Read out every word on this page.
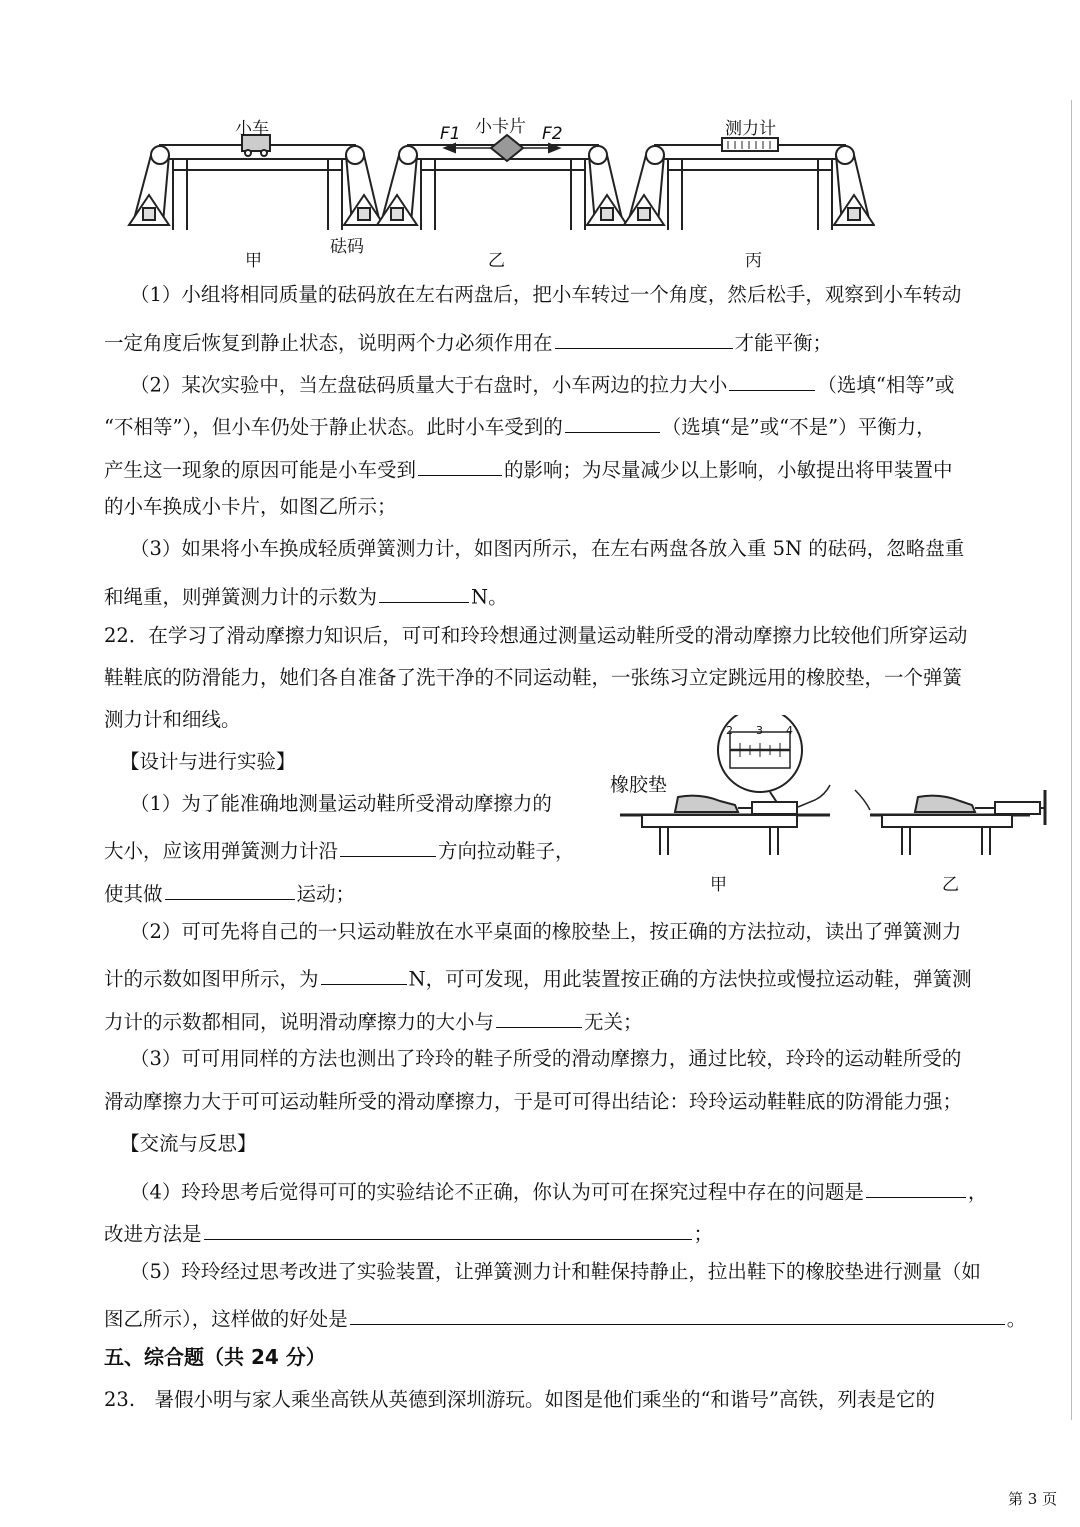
小车	F1 小卡片 F2	测力计
砝码
甲	乙	丙
（1）小组将相同质量的砝码放在左右两盘后，把小车转过一个角度，然后松手，观察到小车转动
一定角度后恢复到静止状态，说明两个力必须作用在	才能平衡；
（2）某次实验中，当左盘砝码质量大于右盘时，小车两边的拉力大小	（选填“相等”或
“不相等”），但小车仍处于静止状态。此时小车受到的	（选填“是”或“不是”）平衡力，
产生这一现象的原因可能是小车受到	的影响；为尽量减少以上影响，小敏提出将甲装置中
的小车换成小卡片，如图乙所示；
（3）如果将小车换成轻质弹簧测力计，如图丙所示，在左右两盘各放入重 5N 的砝码，忽略盘重
和绳重，则弹簧测力计的示数为	N。
22．在学习了滑动摩擦力知识后，可可和玲玲想通过测量运动鞋所受的滑动摩擦力比较他们所穿运动
鞋鞋底的防滑能力，她们各自准备了洗干净的不同运动鞋，一张练习立定跳远用的橡胶垫，一个弹簧
测力计和细线。
【设计与进行实验】
（1）为了能准确地测量运动鞋所受滑动摩擦力的
大小，应该用弹簧测力计沿	方向拉动鞋子，
使其做	运动；
2 3 4
橡胶垫
甲	乙
（2）可可先将自己的一只运动鞋放在水平桌面的橡胶垫上，按正确的方法拉动，读出了弹簧测力
计的示数如图甲所示，为	N，可可发现，用此装置按正确的方法快拉或慢拉运动鞋，弹簧测
力计的示数都相同，说明滑动摩擦力的大小与	无关；
（3）可可用同样的方法也测出了玲玲的鞋子所受的滑动摩擦力，通过比较，玲玲的运动鞋所受的
滑动摩擦力大于可可运动鞋所受的滑动摩擦力，于是可可得出结论：玲玲运动鞋鞋底的防滑能力强；
【交流与反思】
（4）玲玲思考后觉得可可的实验结论不正确，你认为可可在探究过程中存在的问题是	，
改进方法是	；
（5）玲玲经过思考改进了实验装置，让弹簧测力计和鞋保持静止，拉出鞋下的橡胶垫进行测量（如
图乙所示），这样做的好处是	。
五、综合题（共 24 分）
23.　暑假小明与家人乘坐高铁从英德到深圳游玩。如图是他们乘坐的“和谐号”高铁，列表是它的
第 3 页
